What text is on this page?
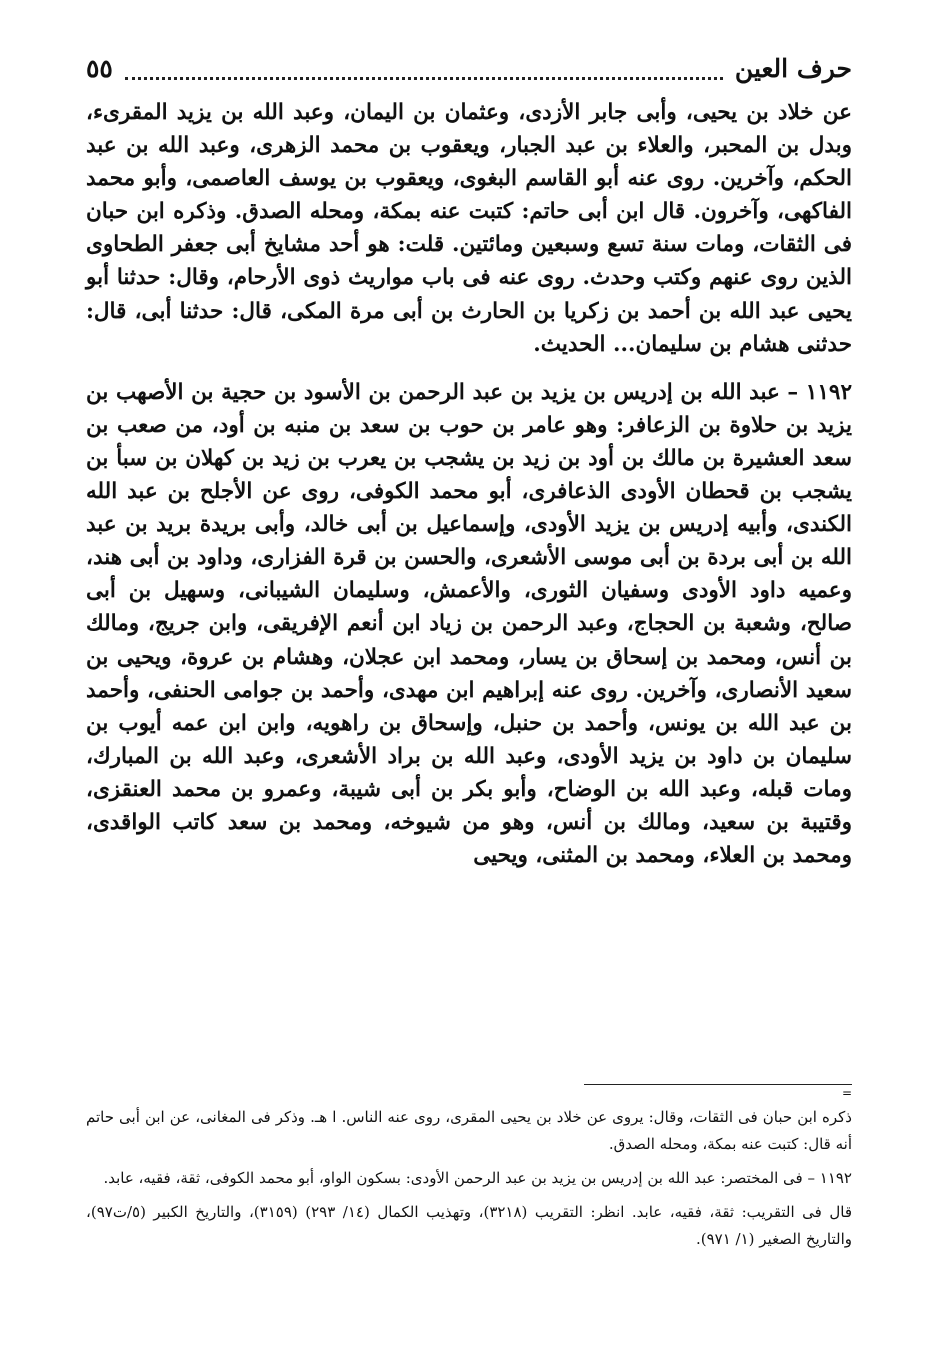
حرف العين
٥٥

عن خلاد بن يحيى، وأبى جابر الأزدى، وعثمان بن اليمان، وعبد الله بن يزيد المقرىء، وبدل بن المحبر، والعلاء بن عبد الجبار، ويعقوب بن محمد الزهرى، وعبد الله بن عبد الحكم، وآخرين. روى عنه أبو القاسم البغوى، ويعقوب بن يوسف العاصمى، وأبو محمد الفاكهى، وآخرون. قال ابن أبى حاتم: كتبت عنه بمكة، ومحله الصدق. وذكره ابن حبان فى الثقات، ومات سنة تسع وسبعين ومائتين. قلت: هو أحد مشايخ أبى جعفر الطحاوى الذين روى عنهم وكتب وحدث. روى عنه فى باب مواريث ذوى الأرحام، وقال: حدثنا أبو يحيى عبد الله بن أحمد بن زكريا بن الحارث بن أبى مرة المكى، قال: حدثنا أبى، قال: حدثنى هشام بن سليمان... الحديث.

١١٩٢ – عبد الله بن إدريس بن يزيد بن عبد الرحمن بن الأسود بن حجية بن الأصهب بن يزيد بن حلاوة بن الزعافر: وهو عامر بن حوب بن سعد بن منبه بن أود، من صعب بن سعد العشيرة بن مالك بن أود بن زيد بن يشجب بن يعرب بن زيد بن كهلان بن سبأ بن يشجب بن قحطان الأودى الذعافرى، أبو محمد الكوفى، روى عن الأجلح بن عبد الله الكندى، وأبيه إدريس بن يزيد الأودى، وإسماعيل بن أبى خالد، وأبى بريدة بريد بن عبد الله بن أبى بردة بن أبى موسى الأشعرى، والحسن بن قرة الفزارى، وداود بن أبى هند، وعميه داود الأودى وسفيان الثورى، والأعمش، وسليمان الشيبانى، وسهيل بن أبى صالح، وشعبة بن الحجاج، وعبد الرحمن بن زياد ابن أنعم الإفريقى، وابن جريج، ومالك بن أنس، ومحمد بن إسحاق بن يسار، ومحمد ابن عجلان، وهشام بن عروة، ويحيى بن سعيد الأنصارى، وآخرين. روى عنه إبراهيم ابن مهدى، وأحمد بن جوامى الحنفى، وأحمد بن عبد الله بن يونس، وأحمد بن حنبل، وإسحاق بن راهويه، وابن ابن عمه أيوب بن سليمان بن داود بن يزيد الأودى، وعبد الله بن براد الأشعرى، وعبد الله بن المبارك، ومات قبله، وعبد الله بن الوضاح، وأبو بكر بن أبى شيبة، وعمرو بن محمد العنقزى، وقتيبة بن سعيد، ومالك بن أنس، وهو من شيوخه، ومحمد بن سعد كاتب الواقدى، ومحمد بن العلاء، ومحمد بن المثنى، ويحيى

=

ذكره ابن حبان فى الثقات، وقال: يروى عن خلاد بن يحيى المقرى، روى عنه الناس. ا هـ. وذكر فى المغانى، عن ابن أبى حاتم أنه قال: كتبت عنه بمكة، ومحله الصدق.

١١٩٢ – فى المختصر: عبد الله بن إدريس بن يزيد بن عبد الرحمن الأودى: بسكون الواو، أبو محمد الكوفى، ثقة، فقيه، عابد.

قال فى التقريب: ثقة، فقيه، عابد. انظر: التقريب (٣٢١٨)، وتهذيب الكمال (١٤/ ٢٩٣) (٣١٥٩)، والتاريخ الكبير (٥/ت٩٧)، والتاريخ الصغير (١/ ٩٧١).
